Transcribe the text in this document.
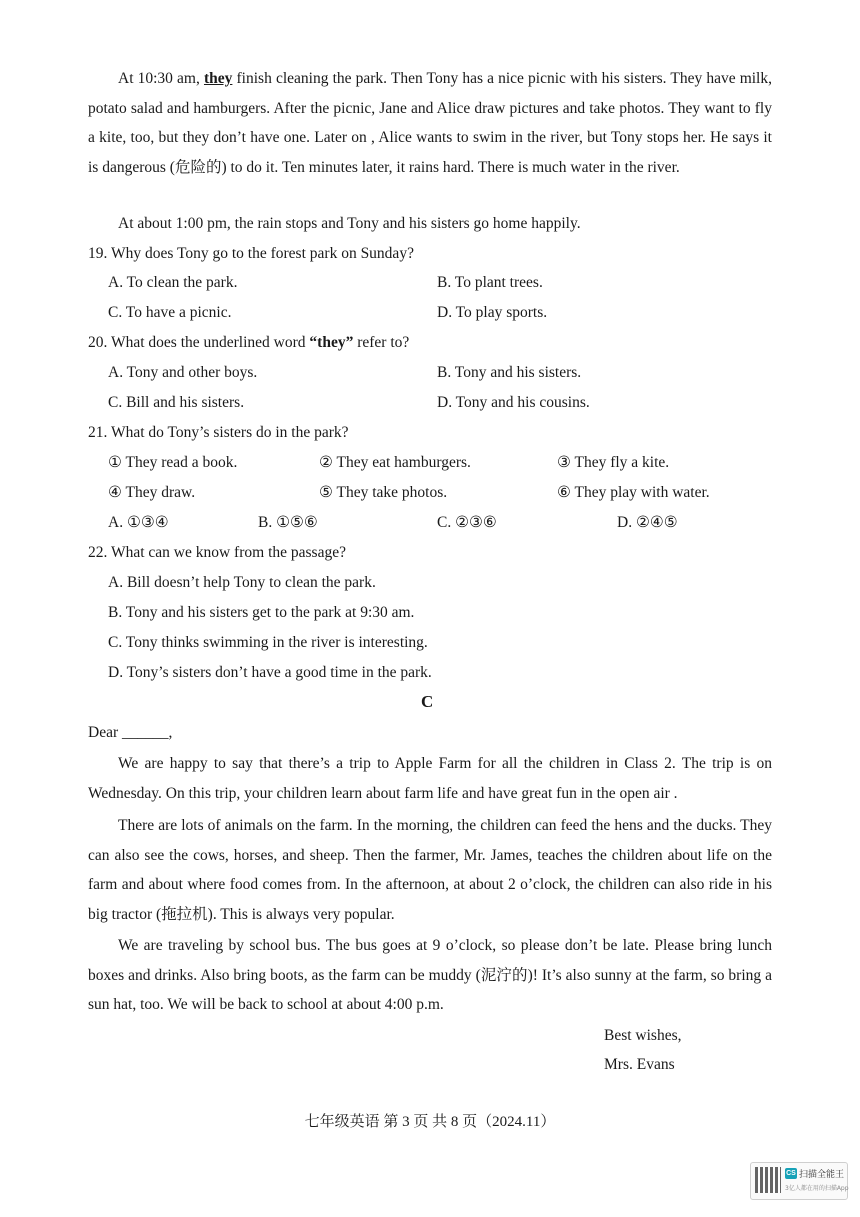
At 10:30 am, they finish cleaning the park. Then Tony has a nice picnic with his sisters. They have milk, potato salad and hamburgers. After the picnic, Jane and Alice draw pictures and take photos. They want to fly a kite, too, but they don’t have one. Later on , Alice wants to swim in the river, but Tony stops her. He says it is dangerous (危险的) to do it. Ten minutes later, it rains hard. There is much water in the river.
At about 1:00 pm, the rain stops and Tony and his sisters go home happily.
19. Why does Tony go to the forest park on Sunday?
A. To clean the park.	B. To plant trees.
C. To have a picnic.	D. To play sports.
20. What does the underlined word “they” refer to?
A. Tony and other boys.	B. Tony and his sisters.
C. Bill and his sisters.	D. Tony and his cousins.
21. What do Tony’s sisters do in the park?
① They read a book.	② They eat hamburgers.	③ They fly a kite.
④ They draw.	⑤ They take photos.	⑥ They play with water.
A. ①③④	B. ①⑤⑥	C. ②③⑥	D. ②④⑤
22. What can we know from the passage?
A. Bill doesn’t help Tony to clean the park.
B. Tony and his sisters get to the park at 9:30 am.
C. Tony thinks swimming in the river is interesting.
D. Tony’s sisters don’t have a good time in the park.
C
Dear ______,
We are happy to say that there’s a trip to Apple Farm for all the children in Class 2. The trip is on Wednesday. On this trip, your children learn about farm life and have great fun in the open air .
There are lots of animals on the farm. In the morning, the children can feed the hens and the ducks. They can also see the cows, horses, and sheep. Then the farmer, Mr. James, teaches the children about life on the farm and about where food comes from. In the afternoon, at about 2 o’clock, the children can also ride in his big tractor (拖拉机). This is always very popular.
We are traveling by school bus. The bus goes at 9 o’clock, so please don’t be late. Please bring lunch boxes and drinks. Also bring boots, as the farm can be muddy (泥泞的)! It’s also sunny at the farm, so bring a sun hat, too. We will be back to school at about 4:00 p.m.
Best wishes,
Mrs. Evans
七年级英语 第 3 页 共 8 页（2024.11）
CS 扫描全能王
3亿人都在用的扫描App
